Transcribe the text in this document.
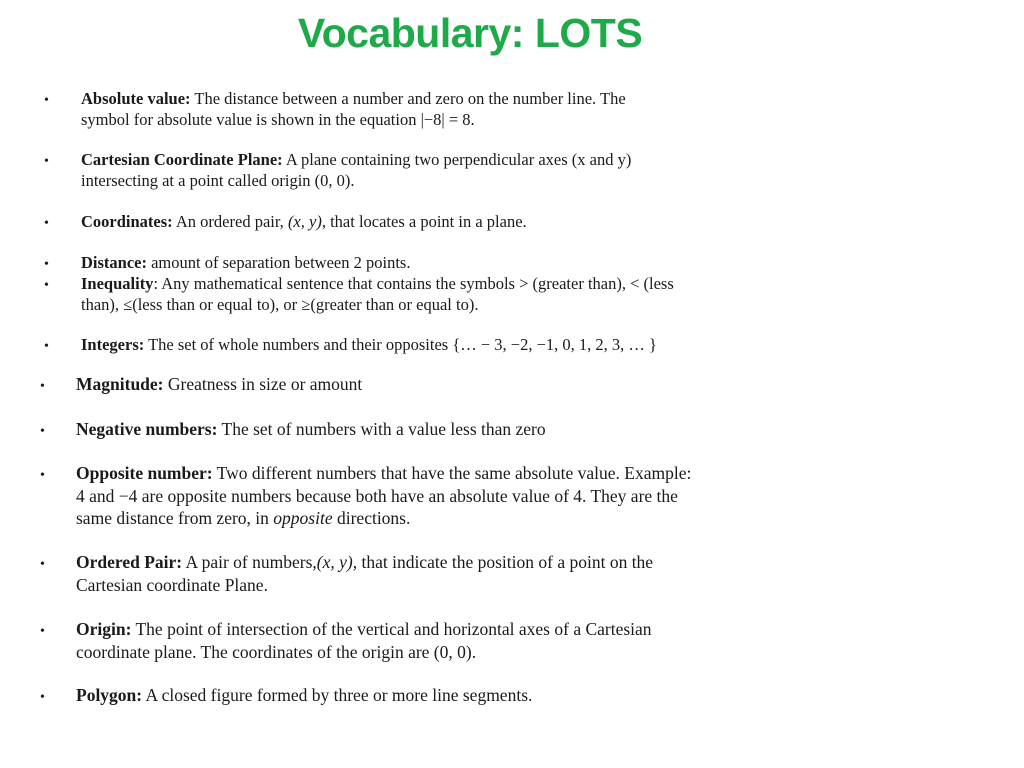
Vocabulary: LOTS
• Absolute value: The distance between a number and zero on the number line. The
symbol for absolute value is shown in the equation |−8| = 8.
• Cartesian Coordinate Plane: A plane containing two perpendicular axes (x and y)
intersecting at a point called origin (0, 0).
• Coordinates: An ordered pair, (x, y), that locates a point in a plane.
• Distance: amount of separation between 2 points.
• Inequality: Any mathematical sentence that contains the symbols > (greater than), < (less
than), ≤(less than or equal to), or ≥(greater than or equal to).
• Integers: The set of whole numbers and their opposites {… − 3, −2, −1, 0, 1, 2, 3, … }
• Magnitude: Greatness in size or amount
• Negative numbers: The set of numbers with a value less than zero
• Opposite number: Two different numbers that have the same absolute value. Example:
4 and −4 are opposite numbers because both have an absolute value of 4. They are the
same distance from zero, in opposite directions.
• Ordered Pair: A pair of numbers,(x, y), that indicate the position of a point on the
Cartesian coordinate Plane.
• Origin: The point of intersection of the vertical and horizontal axes of a Cartesian
coordinate plane. The coordinates of the origin are (0, 0).
• Polygon: A closed figure formed by three or more line segments.
